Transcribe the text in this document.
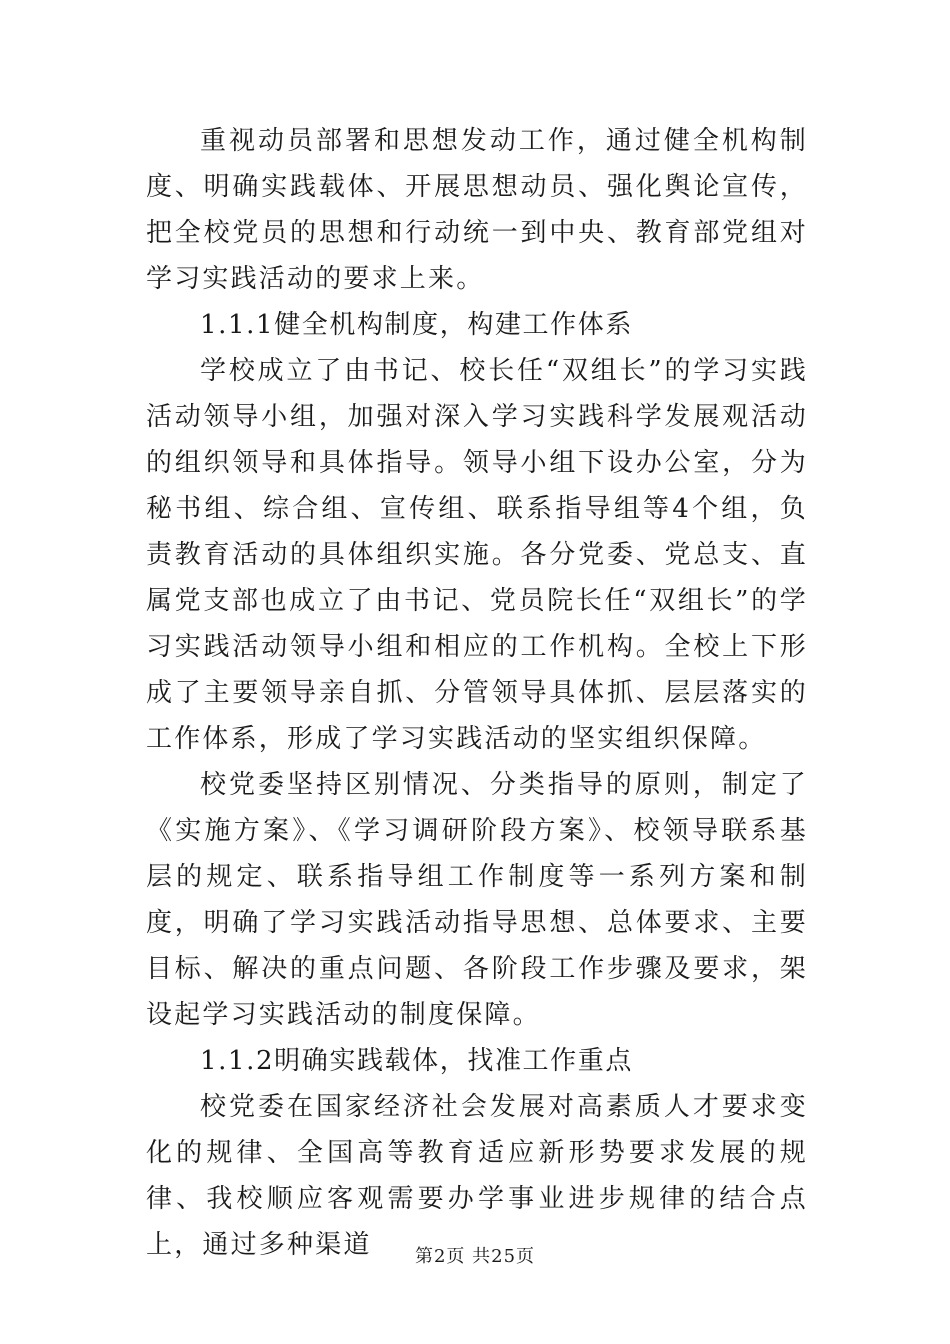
重视动员部署和思想发动工作，通过健全机构制度、明确实践载体、开展思想动员、强化舆论宣传，把全校党员的思想和行动统一到中央、教育部党组对学习实践活动的要求上来。

1.1.1健全机构制度，构建工作体系

学校成立了由书记、校长任“双组长”的学习实践活动领导小组，加强对深入学习实践科学发展观活动的组织领导和具体指导。领导小组下设办公室，分为秘书组、综合组、宣传组、联系指导组等4个组，负责教育活动的具体组织实施。各分党委、党总支、直属党支部也成立了由书记、党员院长任“双组长”的学习实践活动领导小组和相应的工作机构。全校上下形成了主要领导亲自抓、分管领导具体抓、层层落实的工作体系，形成了学习实践活动的坚实组织保障。

校党委坚持区别情况、分类指导的原则，制定了《实施方案》、《学习调研阶段方案》、校领导联系基层的规定、联系指导组工作制度等一系列方案和制度，明确了学习实践活动指导思想、总体要求、主要目标、解决的重点问题、各阶段工作步骤及要求，架设起学习实践活动的制度保障。

1.1.2明确实践载体，找准工作重点

校党委在国家经济社会发展对高素质人才要求变化的规律、全国高等教育适应新形势要求发展的规律、我校顺应客观需要办学事业进步规律的结合点上，通过多种渠道	第2页 共25页
